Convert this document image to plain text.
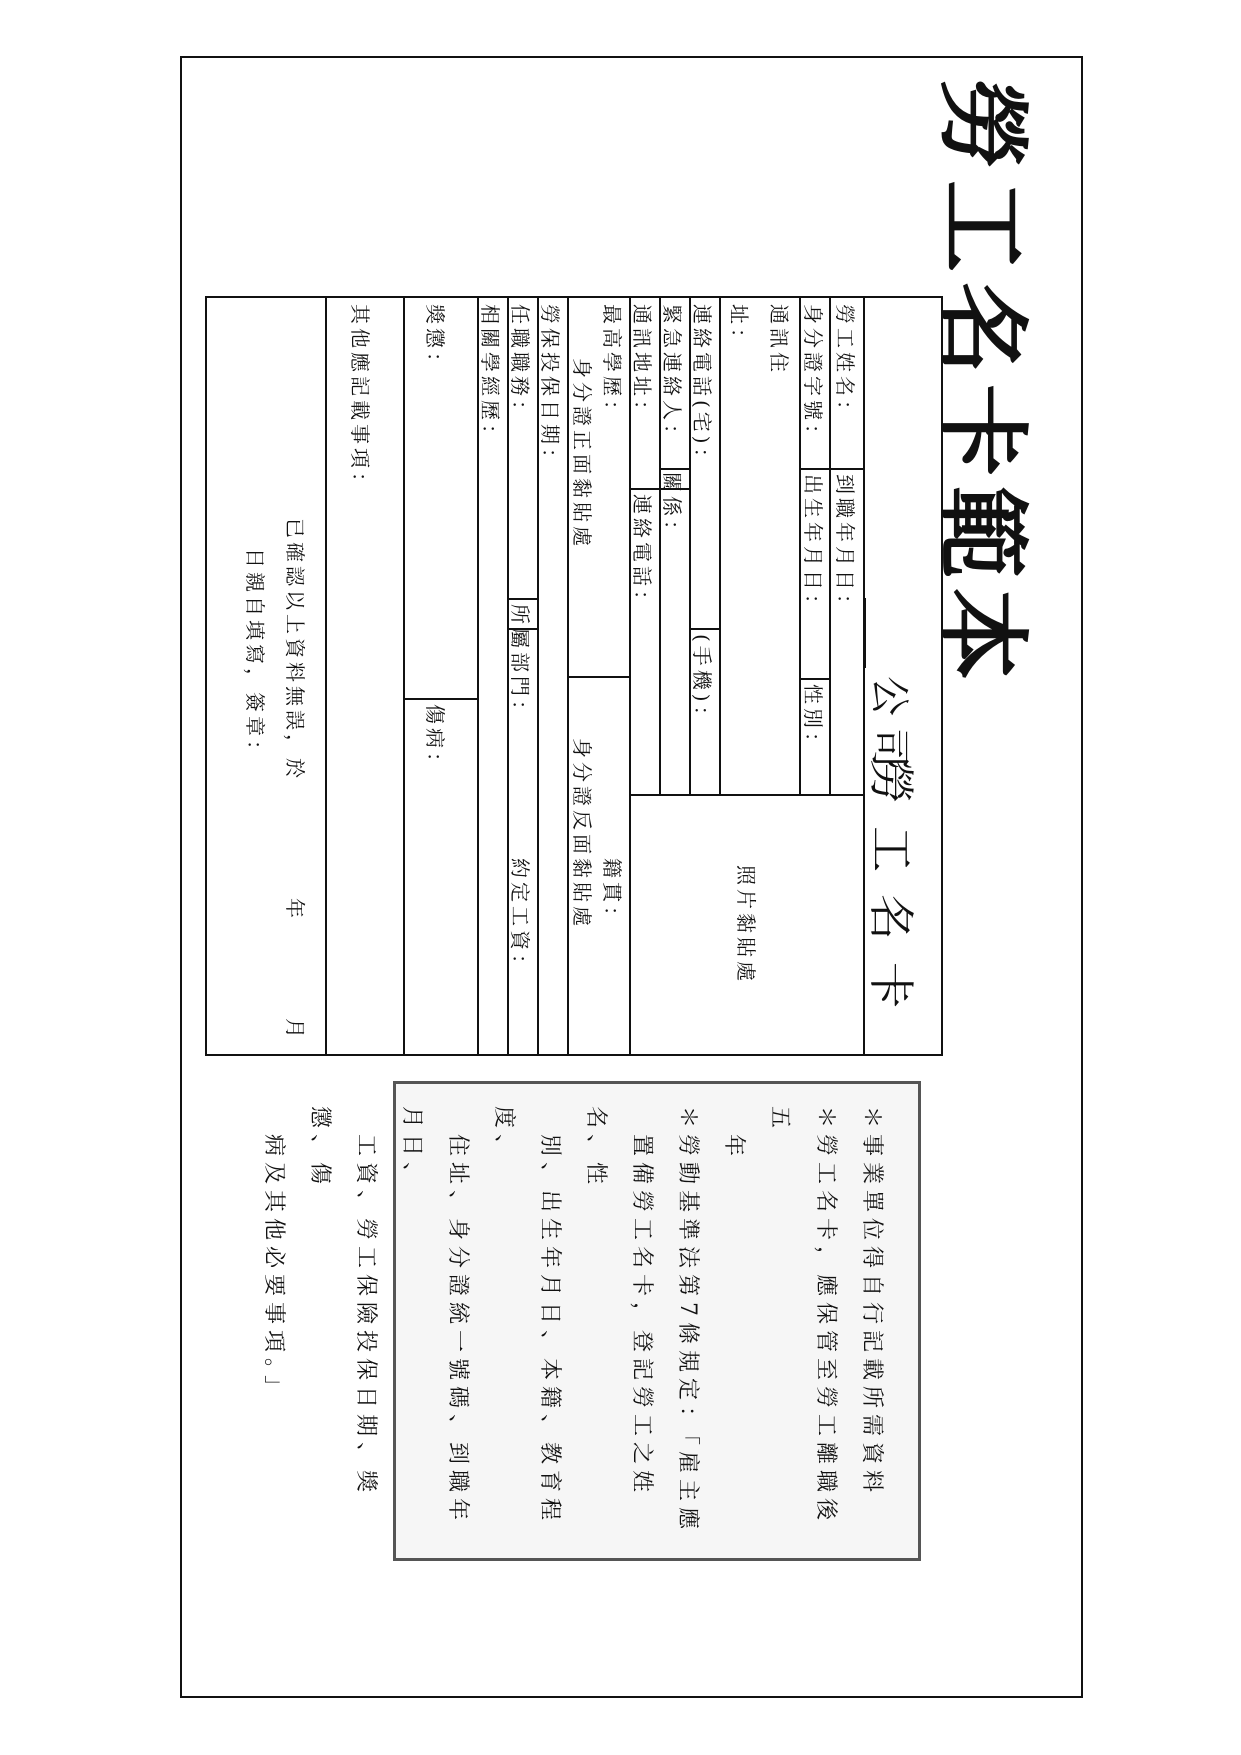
勞工名卡範本

＊事業單位得自行記載所需資料

＊勞工名卡，應保管至勞工離職後五

　年

＊勞動基準法第7條規定：「雇主應

　置備勞工名卡，登記勞工之姓名、性

　別、出生年月日、本籍、教育程度、

　住址、身分證統一號碼、到職年月日、

　工資、勞工保險投保日期、獎懲、傷

　病及其他必要事項。」

公司
勞工名卡
勞工姓名：
到職年月日：
身分證字號：
出生年月日：
性別：
通訊住
址：
連絡電話(宅)：
(手機)：
緊急連絡人：
關係：
連絡電話：
通訊地址：
最高學歷：
籍貫：
身分證正面黏貼處
身分證反面黏貼處
勞保投保日期：
任職職務：
所屬部門：
約定工資：
相關學經歷：
獎懲：
傷病：
其他應記載事項：
已確認以上資料無誤，於
年
月
日親自填寫，簽章：
照片黏貼處
